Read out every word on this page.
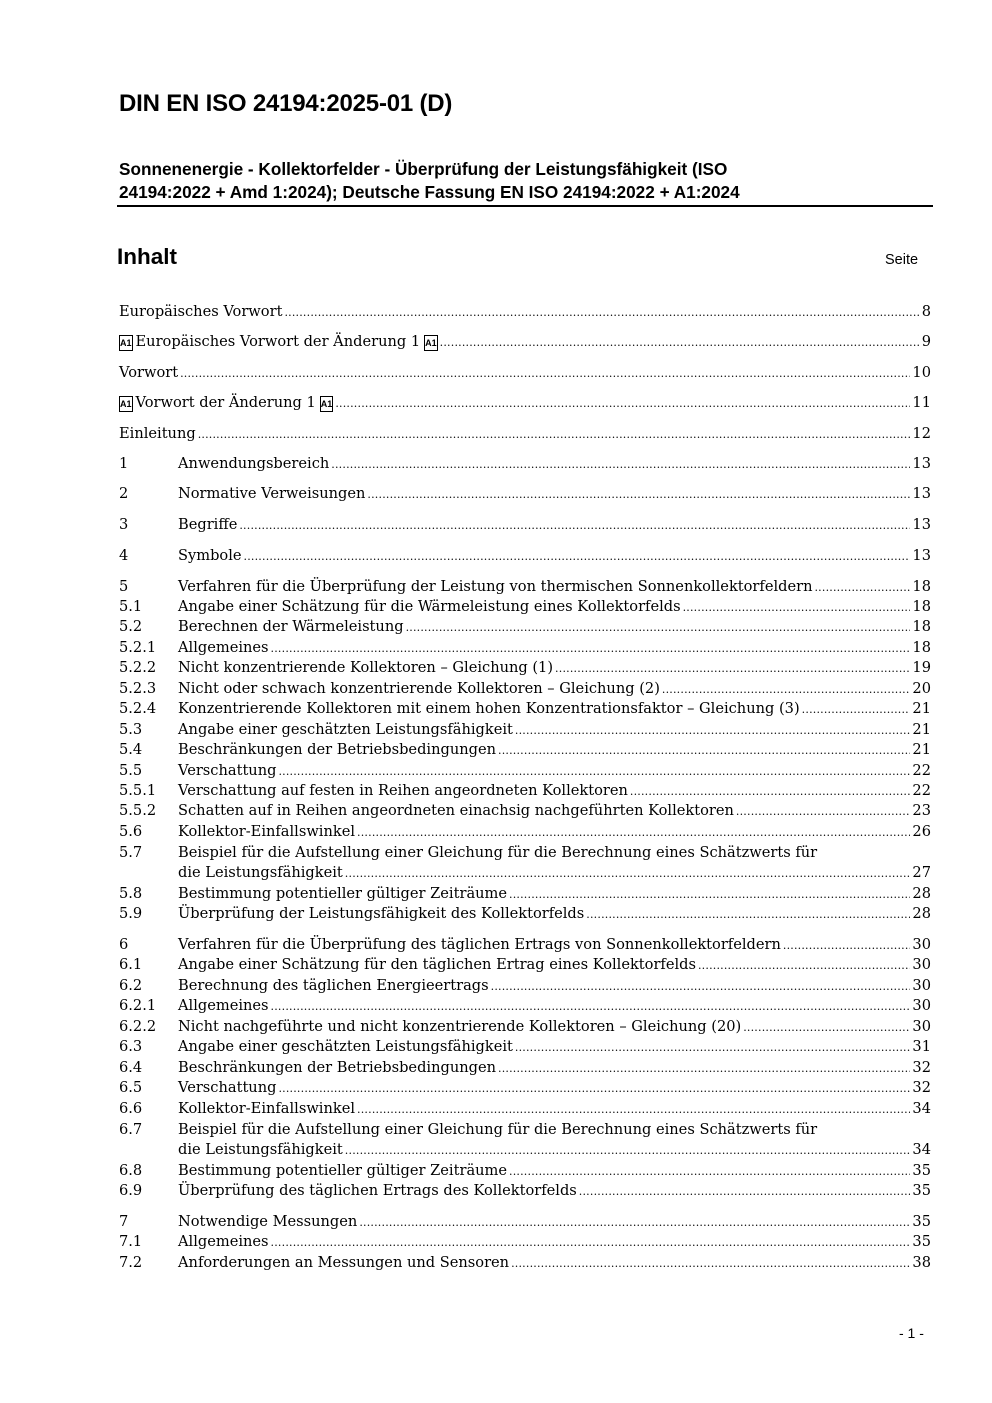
DIN EN ISO 24194:2025-01 (D)
Sonnenenergie - Kollektorfelder - Überprüfung der Leistungsfähigkeit (ISO
24194:2022 + Amd 1:2024); Deutsche Fassung EN ISO 24194:2022 + A1:2024
Inhalt	Seite
Europäisches Vorwort .....	8
A1 Europäisches Vorwort der Änderung 1 A1 .....	9
Vorwort .....	10
A1 Vorwort der Änderung 1 A1 .....	11
Einleitung .....	12
1	Anwendungsbereich .....	13
2	Normative Verweisungen .....	13
3	Begriffe .....	13
4	Symbole .....	13
5	Verfahren für die Überprüfung der Leistung von thermischen Sonnenkollektorfeldern .....	18
5.1	Angabe einer Schätzung für die Wärmeleistung eines Kollektorfelds .....	18
5.2	Berechnen der Wärmeleistung .....	18
5.2.1	Allgemeines .....	18
5.2.2	Nicht konzentrierende Kollektoren – Gleichung (1) .....	19
5.2.3	Nicht oder schwach konzentrierende Kollektoren – Gleichung (2) .....	20
5.2.4	Konzentrierende Kollektoren mit einem hohen Konzentrationsfaktor – Gleichung (3) .....	21
5.3	Angabe einer geschätzten Leistungsfähigkeit .....	21
5.4	Beschränkungen der Betriebsbedingungen .....	21
5.5	Verschattung .....	22
5.5.1	Verschattung auf festen in Reihen angeordneten Kollektoren .....	22
5.5.2	Schatten auf in Reihen angeordneten einachsig nachgeführten Kollektoren .....	23
5.6	Kollektor-Einfallswinkel .....	26
5.7	Beispiel für die Aufstellung einer Gleichung für die Berechnung eines Schätzwerts für
die Leistungsfähigkeit .....	27
5.8	Bestimmung potentieller gültiger Zeiträume .....	28
5.9	Überprüfung der Leistungsfähigkeit des Kollektorfelds .....	28
6	Verfahren für die Überprüfung des täglichen Ertrags von Sonnenkollektorfeldern .....	30
6.1	Angabe einer Schätzung für den täglichen Ertrag eines Kollektorfelds .....	30
6.2	Berechnung des täglichen Energieertrags .....	30
6.2.1	Allgemeines .....	30
6.2.2	Nicht nachgeführte und nicht konzentrierende Kollektoren – Gleichung (20) .....	30
6.3	Angabe einer geschätzten Leistungsfähigkeit .....	31
6.4	Beschränkungen der Betriebsbedingungen .....	32
6.5	Verschattung .....	32
6.6	Kollektor-Einfallswinkel .....	34
6.7	Beispiel für die Aufstellung einer Gleichung für die Berechnung eines Schätzwerts für
die Leistungsfähigkeit .....	34
6.8	Bestimmung potentieller gültiger Zeiträume .....	35
6.9	Überprüfung des täglichen Ertrags des Kollektorfelds .....	35
7	Notwendige Messungen .....	35
7.1	Allgemeines .....	35
7.2	Anforderungen an Messungen und Sensoren .....	38
- 1 -
